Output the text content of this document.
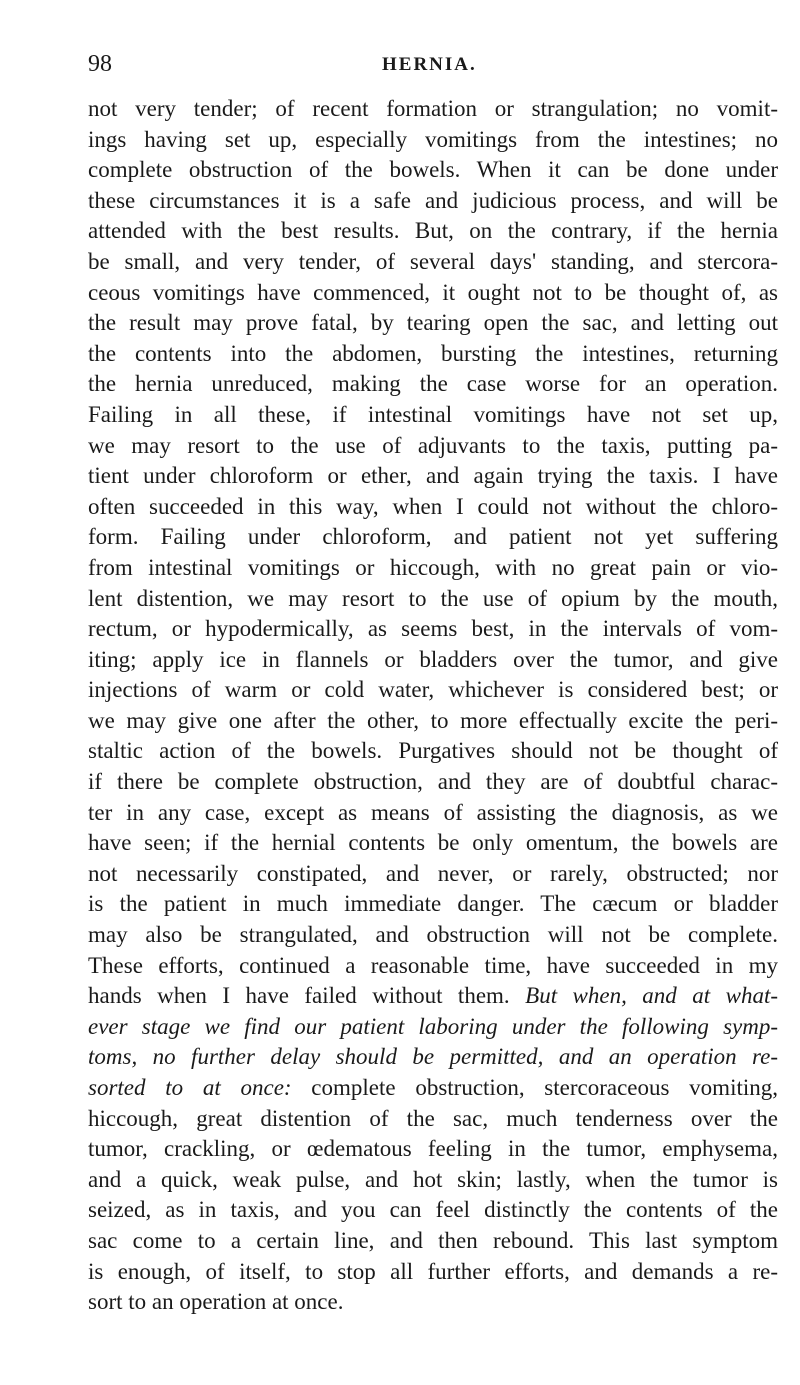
98	HERNIA.
not very tender; of recent formation or strangulation; no vomit-
ings having set up, especially vomitings from the intestines; no
complete obstruction of the bowels. When it can be done under
these circumstances it is a safe and judicious process, and will be
attended with the best results. But, on the contrary, if the hernia
be small, and very tender, of several days' standing, and stercora-
ceous vomitings have commenced, it ought not to be thought of, as
the result may prove fatal, by tearing open the sac, and letting out
the contents into the abdomen, bursting the intestines, returning
the hernia unreduced, making the case worse for an operation.
Failing in all these, if intestinal vomitings have not set up,
we may resort to the use of adjuvants to the taxis, putting pa-
tient under chloroform or ether, and again trying the taxis. I have
often succeeded in this way, when I could not without the chloro-
form. Failing under chloroform, and patient not yet suffering
from intestinal vomitings or hiccough, with no great pain or vio-
lent distention, we may resort to the use of opium by the mouth,
rectum, or hypodermically, as seems best, in the intervals of vom-
iting; apply ice in flannels or bladders over the tumor, and give
injections of warm or cold water, whichever is considered best; or
we may give one after the other, to more effectually excite the peri-
staltic action of the bowels. Purgatives should not be thought of
if there be complete obstruction, and they are of doubtful charac-
ter in any case, except as means of assisting the diagnosis, as we
have seen; if the hernial contents be only omentum, the bowels are
not necessarily constipated, and never, or rarely, obstructed; nor
is the patient in much immediate danger. The cæcum or bladder
may also be strangulated, and obstruction will not be complete.
These efforts, continued a reasonable time, have succeeded in my
hands when I have failed without them. But when, and at what-
ever stage we find our patient laboring under the following symp-
toms, no further delay should be permitted, and an operation re-
sorted to at once: complete obstruction, stercoraceous vomiting,
hiccough, great distention of the sac, much tenderness over the
tumor, crackling, or œdematous feeling in the tumor, emphysema,
and a quick, weak pulse, and hot skin; lastly, when the tumor is
seized, as in taxis, and you can feel distinctly the contents of the
sac come to a certain line, and then rebound. This last symptom
is enough, of itself, to stop all further efforts, and demands a re-
sort to an operation at once.
